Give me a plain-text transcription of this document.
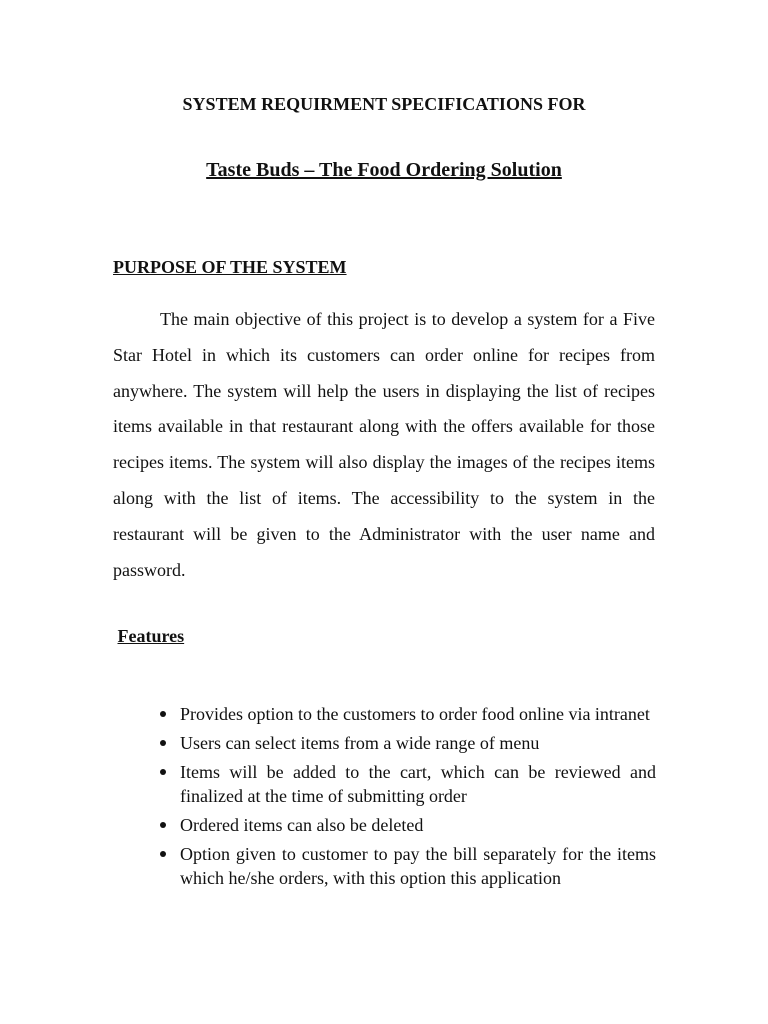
SYSTEM REQUIRMENT SPECIFICATIONS FOR
Taste Buds – The Food Ordering Solution
PURPOSE OF THE SYSTEM

The main objective of this project is to develop a system for a Five Star Hotel in which its customers can order online for recipes from anywhere. The system will help the users in displaying the list of recipes items available in that restaurant along with the offers available for those recipes items. The system will also display the images of the recipes items along with the list of items. The accessibility to the system in the restaurant will be given to the Administrator with the user name and password.

Features
Provides option to the customers to order food online via intranet
Users can select items from a wide range of menu
Items will be added to the cart, which can be reviewed and finalized at the time of submitting order
Ordered items can also be deleted
Option given to customer to pay the bill separately for the items which he/she orders, with this option this application
